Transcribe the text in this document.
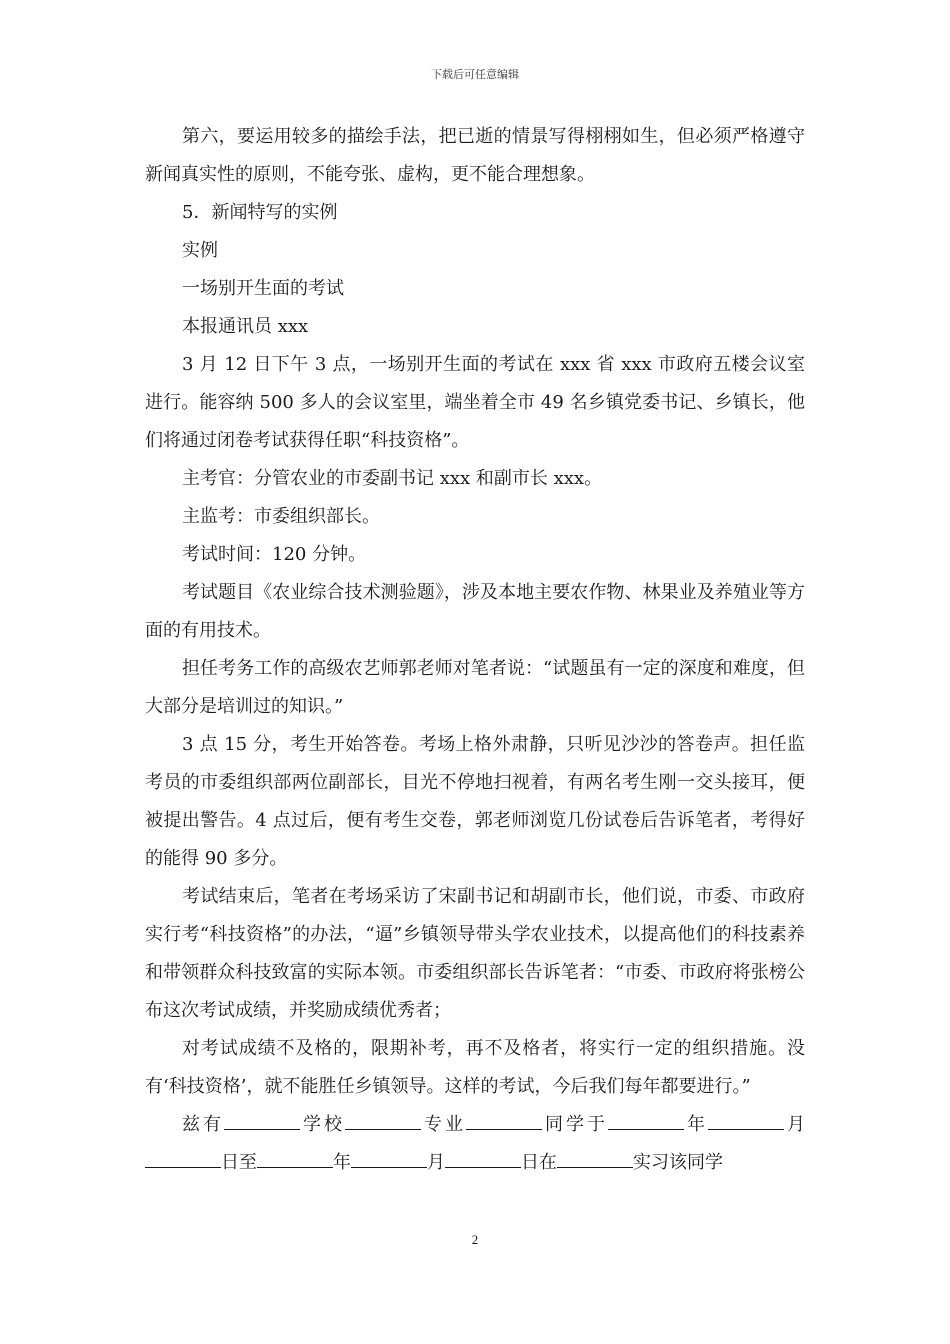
下载后可任意编辑

第六，要运用较多的描绘手法，把已逝的情景写得栩栩如生，但必须严格遵守新闻真实性的原则，不能夸张、虚构，更不能合理想象。

5．新闻特写的实例

实例

一场别开生面的考试

本报通讯员 xxx

3 月 12 日下午 3 点，一场别开生面的考试在 xxx 省 xxx 市政府五楼会议室进行。能容纳 500 多人的会议室里，端坐着全市 49 名乡镇党委书记、乡镇长，他们将通过闭卷考试获得任职“科技资格”。

主考官：分管农业的市委副书记 xxx 和副市长 xxx。

主监考：市委组织部长。

考试时间：120 分钟。

考试题目《农业综合技术测验题》，涉及本地主要农作物、林果业及养殖业等方面的有用技术。

担任考务工作的高级农艺师郭老师对笔者说：“试题虽有一定的深度和难度，但大部分是培训过的知识。”

3 点 15 分，考生开始答卷。考场上格外肃静，只听见沙沙的答卷声。担任监考员的市委组织部两位副部长，目光不停地扫视着，有两名考生刚一交头接耳，便被提出警告。4 点过后，便有考生交卷，郭老师浏览几份试卷后告诉笔者，考得好的能得 90 多分。

考试结束后，笔者在考场采访了宋副书记和胡副市长，他们说，市委、市政府实行考“科技资格”的办法，“逼”乡镇领导带头学农业技术，以提高他们的科技素养和带领群众科技致富的实际本领。市委组织部长告诉笔者：“市委、市政府将张榜公布这次考试成绩，并奖励成绩优秀者；

对考试成绩不及格的，限期补考，再不及格者，将实行一定的组织措施。没有‘科技资格’，就不能胜任乡镇领导。这样的考试，今后我们每年都要进行。”

兹有	学校	专业	同学于	年	月日至	年	月	日在	实习该同学

2
